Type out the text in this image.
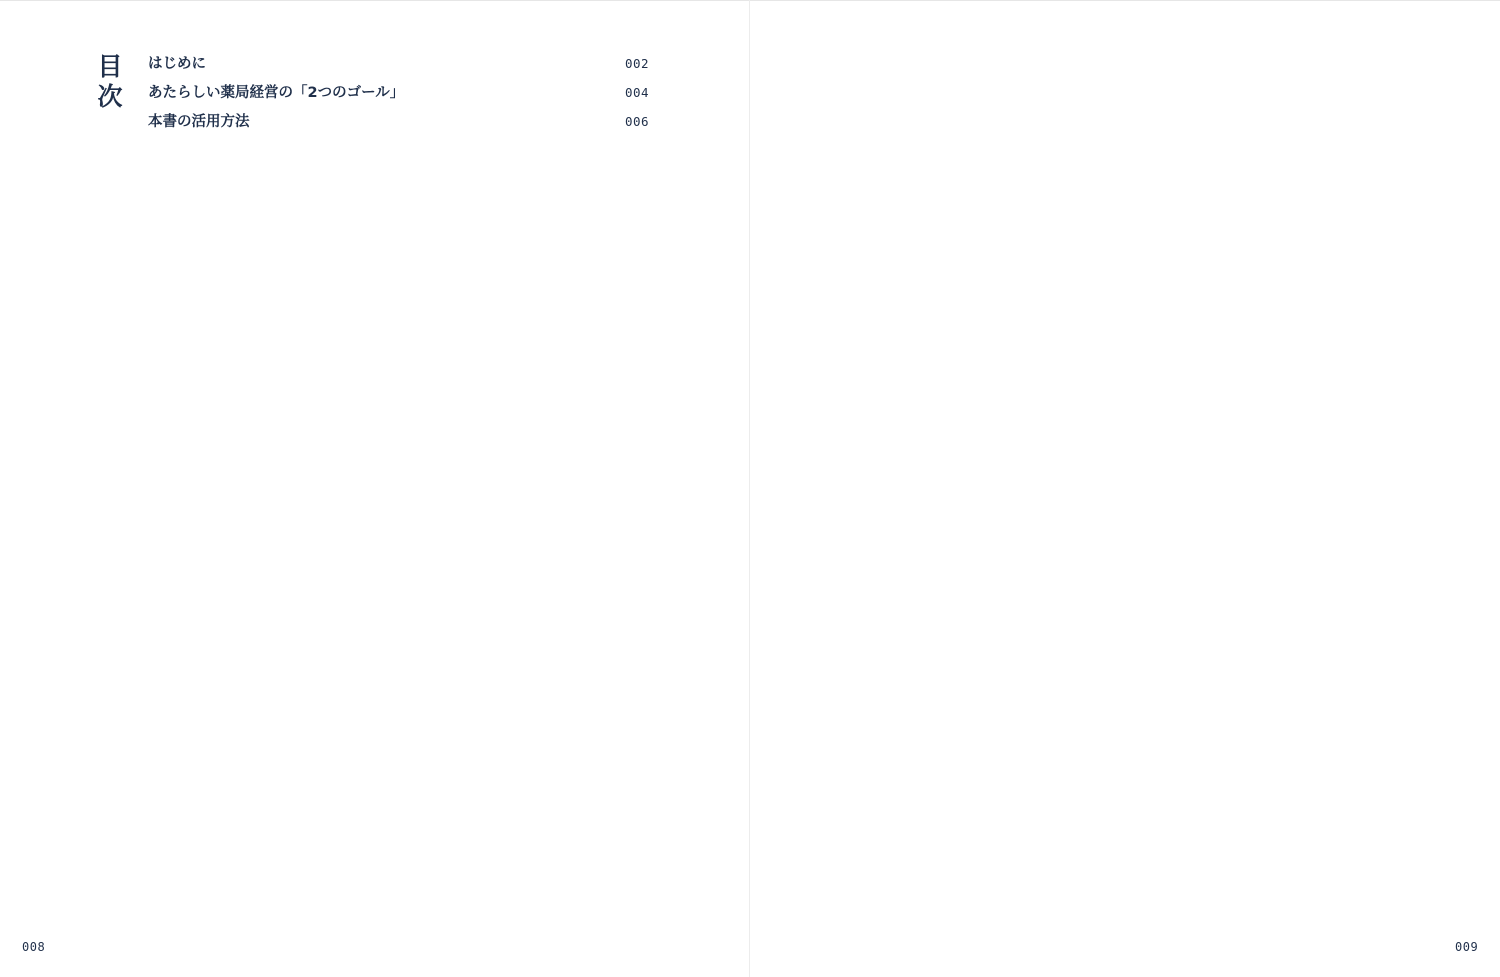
目
次
はじめに	002
あたらしい薬局経営の「2つのゴール」	004
本書の活用方法	006
008	009
